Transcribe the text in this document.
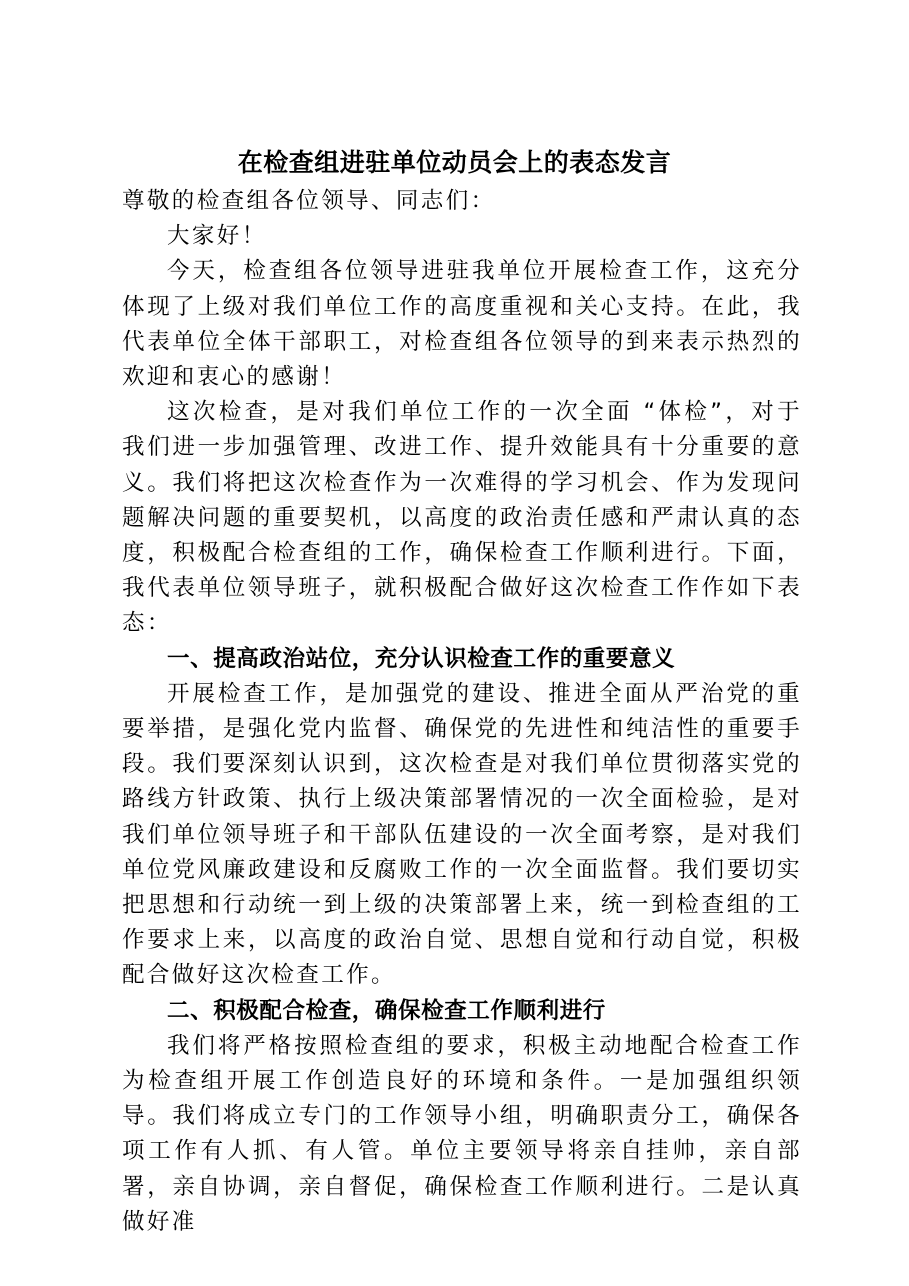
在检查组进驻单位动员会上的表态发言

尊敬的检查组各位领导、同志们：

大家好！

今天，检查组各位领导进驻我单位开展检查工作，这充分体现了上级对我们单位工作的高度重视和关心支持。在此，我代表单位全体干部职工，对检查组各位领导的到来表示热烈的欢迎和衷心的感谢！

这次检查，是对我们单位工作的一次全面 “体检”，对于我们进一步加强管理、改进工作、提升效能具有十分重要的意义。我们将把这次检查作为一次难得的学习机会、作为发现问题解决问题的重要契机，以高度的政治责任感和严肃认真的态度，积极配合检查组的工作，确保检查工作顺利进行。下面，我代表单位领导班子，就积极配合做好这次检查工作作如下表态：

一、提高政治站位，充分认识检查工作的重要意义

开展检查工作，是加强党的建设、推进全面从严治党的重要举措，是强化党内监督、确保党的先进性和纯洁性的重要手段。我们要深刻认识到，这次检查是对我们单位贯彻落实党的路线方针政策、执行上级决策部署情况的一次全面检验，是对我们单位领导班子和干部队伍建设的一次全面考察，是对我们单位党风廉政建设和反腐败工作的一次全面监督。我们要切实把思想和行动统一到上级的决策部署上来，统一到检查组的工作要求上来，以高度的政治自觉、思想自觉和行动自觉，积极配合做好这次检查工作。

二、积极配合检查，确保检查工作顺利进行

我们将严格按照检查组的要求，积极主动地配合检查工作为检查组开展工作创造良好的环境和条件。一是加强组织领导。我们将成立专门的工作领导小组，明确职责分工，确保各项工作有人抓、有人管。单位主要领导将亲自挂帅，亲自部署，亲自协调，亲自督促，确保检查工作顺利进行。二是认真做好准
